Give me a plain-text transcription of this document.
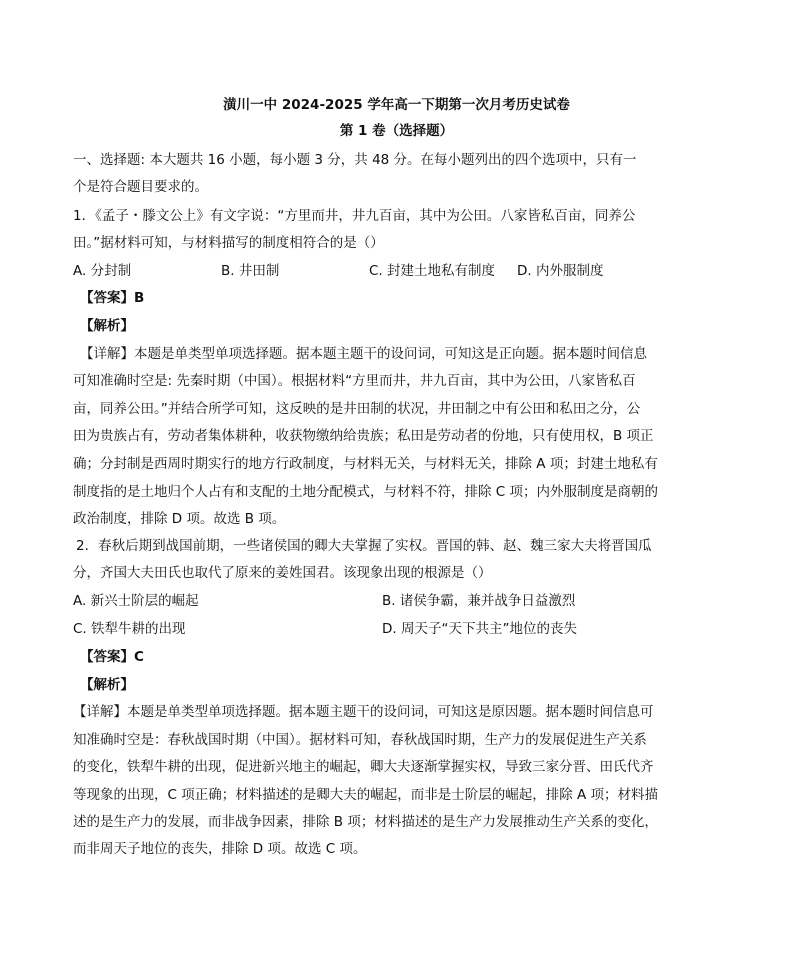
潢川一中 2024-2025 学年高一下期第一次月考历史试卷
第 1 卷（选择题）
一、选择题: 本大题共 16 小题，每小题 3 分，共 48 分。在每小题列出的四个选项中，只有一
个是符合题目要求的。
1．《孟子・滕文公上》有文字说：“方里而井，井九百亩，其中为公田。八家皆私百亩，同养公
田。”据材料可知，与材料描写的制度相符合的是（）
A. 分封制	B. 井田制	C. 封建土地私有制度 D. 内外服制度
【答案】B
【解析】
【详解】本题是单类型单项选择题。据本题主题干的设问词，可知这是正向题。据本题时间信息
可知准确时空是: 先秦时期（中国）。根据材料“方里而井，井九百亩，其中为公田，八家皆私百
亩，同养公田。”并结合所学可知，这反映的是井田制的状况，井田制之中有公田和私田之分，公
田为贵族占有，劳动者集体耕种，收获物缴纳给贵族；私田是劳动者的份地，只有使用权，B 项正
确；分封制是西周时期实行的地方行政制度，与材料无关，与材料无关，排除 A 项；封建土地私有
制度指的是土地归个人占有和支配的土地分配模式，与材料不符，排除 C 项；内外服制度是商朝的
政治制度，排除 D 项。故选 B 项。
2．春秋后期到战国前期，一些诸侯国的卿大夫掌握了实权。晋国的韩、赵、魏三家大夫将晋国瓜
分，齐国大夫田氏也取代了原来的姜姓国君。该现象出现的根源是（）
A. 新兴士阶层的崛起	B. 诸侯争霸，兼并战争日益激烈
C. 铁犁牛耕的出现	D. 周天子“天下共主”地位的丧失
【答案】C
【解析】
【详解】本题是单类型单项选择题。据本题主题干的设问词，可知这是原因题。据本题时间信息可
知准确时空是：春秋战国时期（中国）。据材料可知，春秋战国时期，生产力的发展促进生产关系
的变化，铁犁牛耕的出现，促进新兴地主的崛起，卿大夫逐渐掌握实权，导致三家分晋、田氏代齐
等现象的出现，C 项正确；材料描述的是卿大夫的崛起，而非是士阶层的崛起，排除 A 项；材料描
述的是生产力的发展，而非战争因素，排除 B 项；材料描述的是生产力发展推动生产关系的变化，
而非周天子地位的丧失，排除 D 项。故选 C 项。
